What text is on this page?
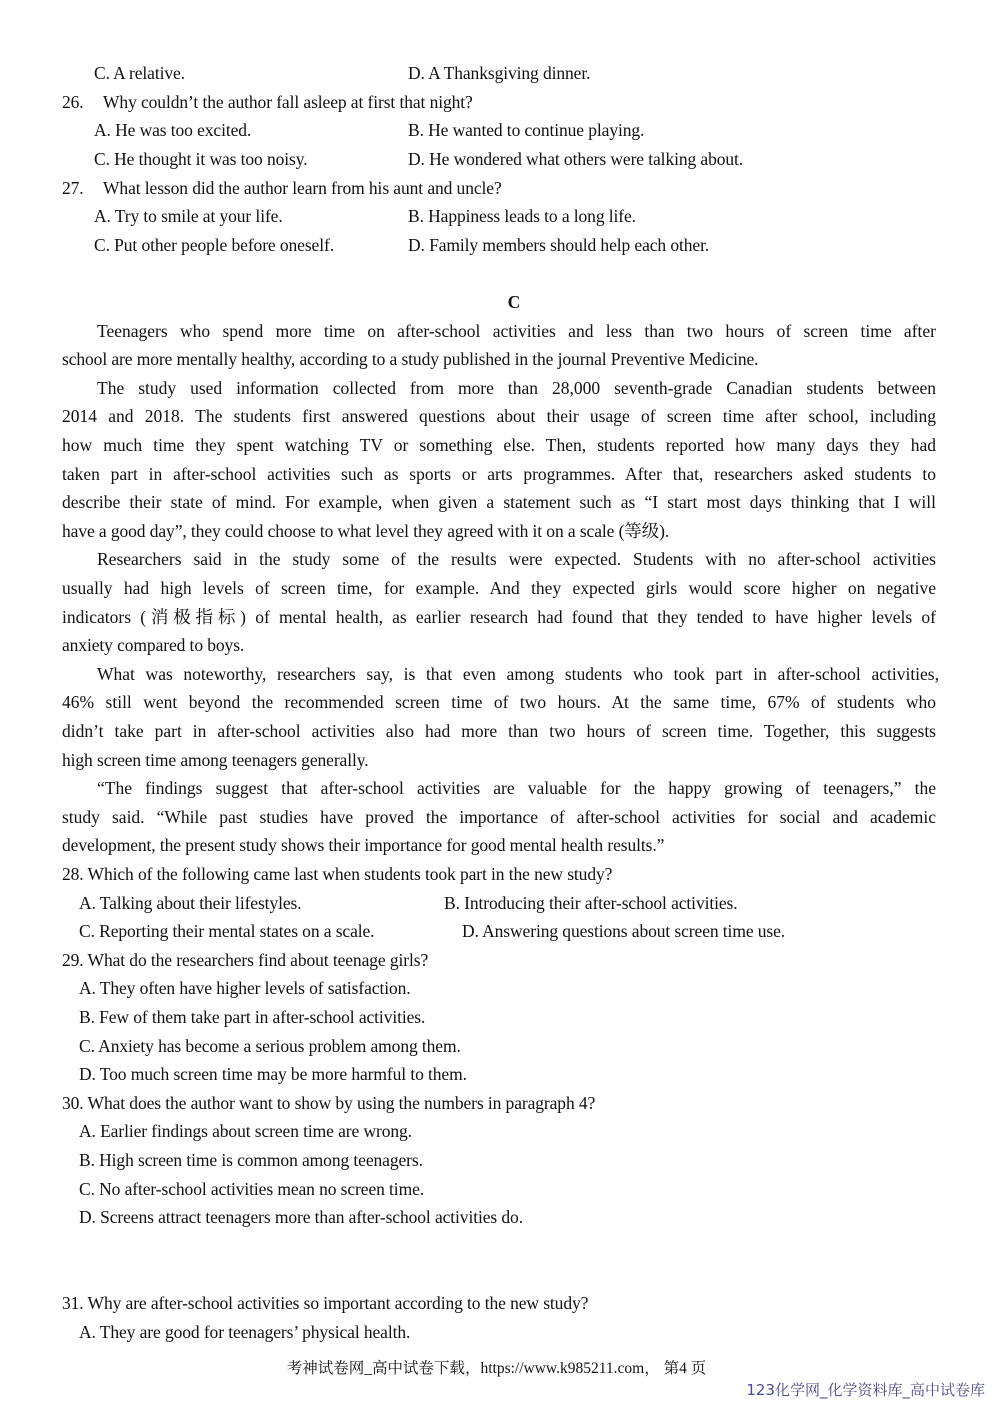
C. A relative.	D. A Thanksgiving dinner.
26. Why couldn’t the author fall asleep at first that night?
A. He was too excited.	B. He wanted to continue playing.
C. He thought it was too noisy.	D. He wondered what others were talking about.
27. What lesson did the author learn from his aunt and uncle?
A. Try to smile at your life.	B. Happiness leads to a long life.
C. Put other people before oneself.	D. Family members should help each other.
C
Teenagers who spend more time on after-school activities and less than two hours of screen time after
school are more mentally healthy, according to a study published in the journal Preventive Medicine.
The study used information collected from more than 28,000 seventh-grade Canadian students between
2014 and 2018. The students first answered questions about their usage of screen time after school, including
how much time they spent watching TV or something else. Then, students reported how many days they had
taken part in after-school activities such as sports or arts programmes. After that, researchers asked students to
describe their state of mind. For example, when given a statement such as “I start most days thinking that I will
have a good day”, they could choose to what level they agreed with it on a scale (等级).
Researchers said in the study some of the results were expected. Students with no after-school activities
usually had high levels of screen time, for example. And they expected girls would score higher on negative
indicators (消极指标) of mental health, as earlier research had found that they tended to have higher levels of
anxiety compared to boys.
What was noteworthy, researchers say, is that even among students who took part in after-school activities,
46% still went beyond the recommended screen time of two hours. At the same time, 67% of students who
didn’t take part in after-school activities also had more than two hours of screen time. Together, this suggests
high screen time among teenagers generally.
“The findings suggest that after-school activities are valuable for the happy growing of teenagers,” the
study said. “While past studies have proved the importance of after-school activities for social and academic
development, the present study shows their importance for good mental health results.”
28. Which of the following came last when students took part in the new study?
A. Talking about their lifestyles.	B. Introducing their after-school activities.
C. Reporting their mental states on a scale.	D. Answering questions about screen time use.
29. What do the researchers find about teenage girls?
A. They often have higher levels of satisfaction.
B. Few of them take part in after-school activities.
C. Anxiety has become a serious problem among them.
D. Too much screen time may be more harmful to them.
30. What does the author want to show by using the numbers in paragraph 4?
A. Earlier findings about screen time are wrong.
B. High screen time is common among teenagers.
C. No after-school activities mean no screen time.
D. Screens attract teenagers more than after-school activities do.
31. Why are after-school activities so important according to the new study?
A. They are good for teenagers’ physical health.
考神试卷网_高中试卷下载，https://www.k985211.com， 第4 页
123化学网_化学资料库_高中试卷库
